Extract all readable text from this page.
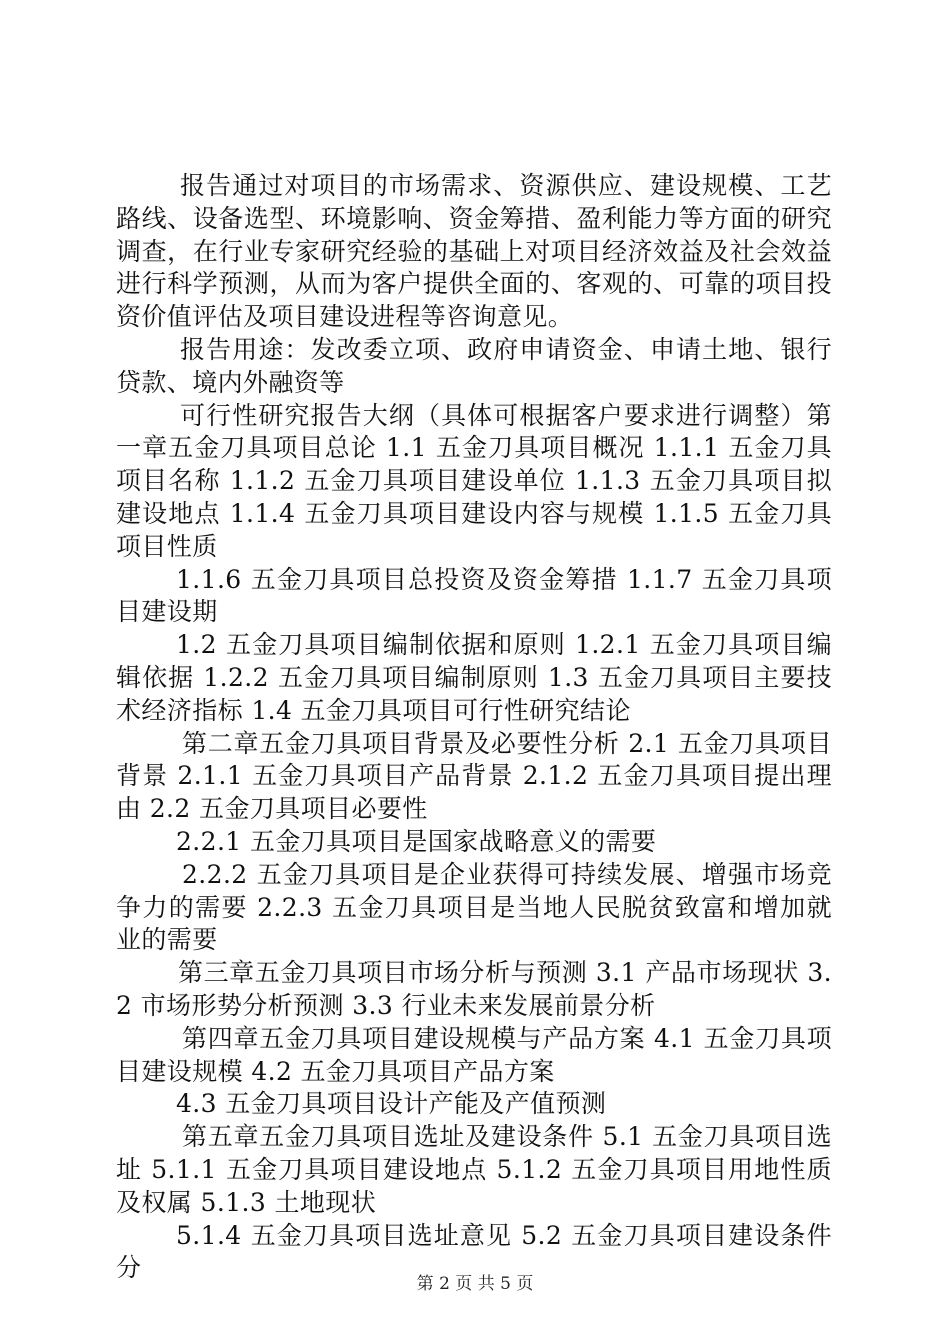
报告通过对项目的市场需求、资源供应、建设规模、工艺路线、设备选型、环境影响、资金筹措、盈利能力等方面的研究调查，在行业专家研究经验的基础上对项目经济效益及社会效益进行科学预测，从而为客户提供全面的、客观的、可靠的项目投资价值评估及项目建设进程等咨询意见。

报告用途：发改委立项、政府申请资金、申请土地、银行贷款、境内外融资等

可行性研究报告大纲（具体可根据客户要求进行调整）第一章五金刀具项目总论 1.1 五金刀具项目概况 1.1.1 五金刀具项目名称 1.1.2 五金刀具项目建设单位 1.1.3 五金刀具项目拟建设地点 1.1.4 五金刀具项目建设内容与规模 1.1.5 五金刀具项目性质

1.1.6 五金刀具项目总投资及资金筹措 1.1.7 五金刀具项目建设期

1.2 五金刀具项目编制依据和原则 1.2.1 五金刀具项目编辑依据 1.2.2 五金刀具项目编制原则 1.3 五金刀具项目主要技术经济指标 1.4 五金刀具项目可行性研究结论

第二章五金刀具项目背景及必要性分析 2.1 五金刀具项目背景 2.1.1 五金刀具项目产品背景 2.1.2 五金刀具项目提出理由 2.2 五金刀具项目必要性

2.2.1 五金刀具项目是国家战略意义的需要

2.2.2 五金刀具项目是企业获得可持续发展、增强市场竞争力的需要 2.2.3 五金刀具项目是当地人民脱贫致富和增加就业的需要

第三章五金刀具项目市场分析与预测 3.1 产品市场现状 3.2 市场形势分析预测 3.3 行业未来发展前景分析

第四章五金刀具项目建设规模与产品方案 4.1 五金刀具项目建设规模 4.2 五金刀具项目产品方案

4.3 五金刀具项目设计产能及产值预测

第五章五金刀具项目选址及建设条件 5.1 五金刀具项目选址 5.1.1 五金刀具项目建设地点 5.1.2 五金刀具项目用地性质及权属 5.1.3 土地现状

5.1.4 五金刀具项目选址意见 5.2 五金刀具项目建设条件分

第 2 页 共 5 页
